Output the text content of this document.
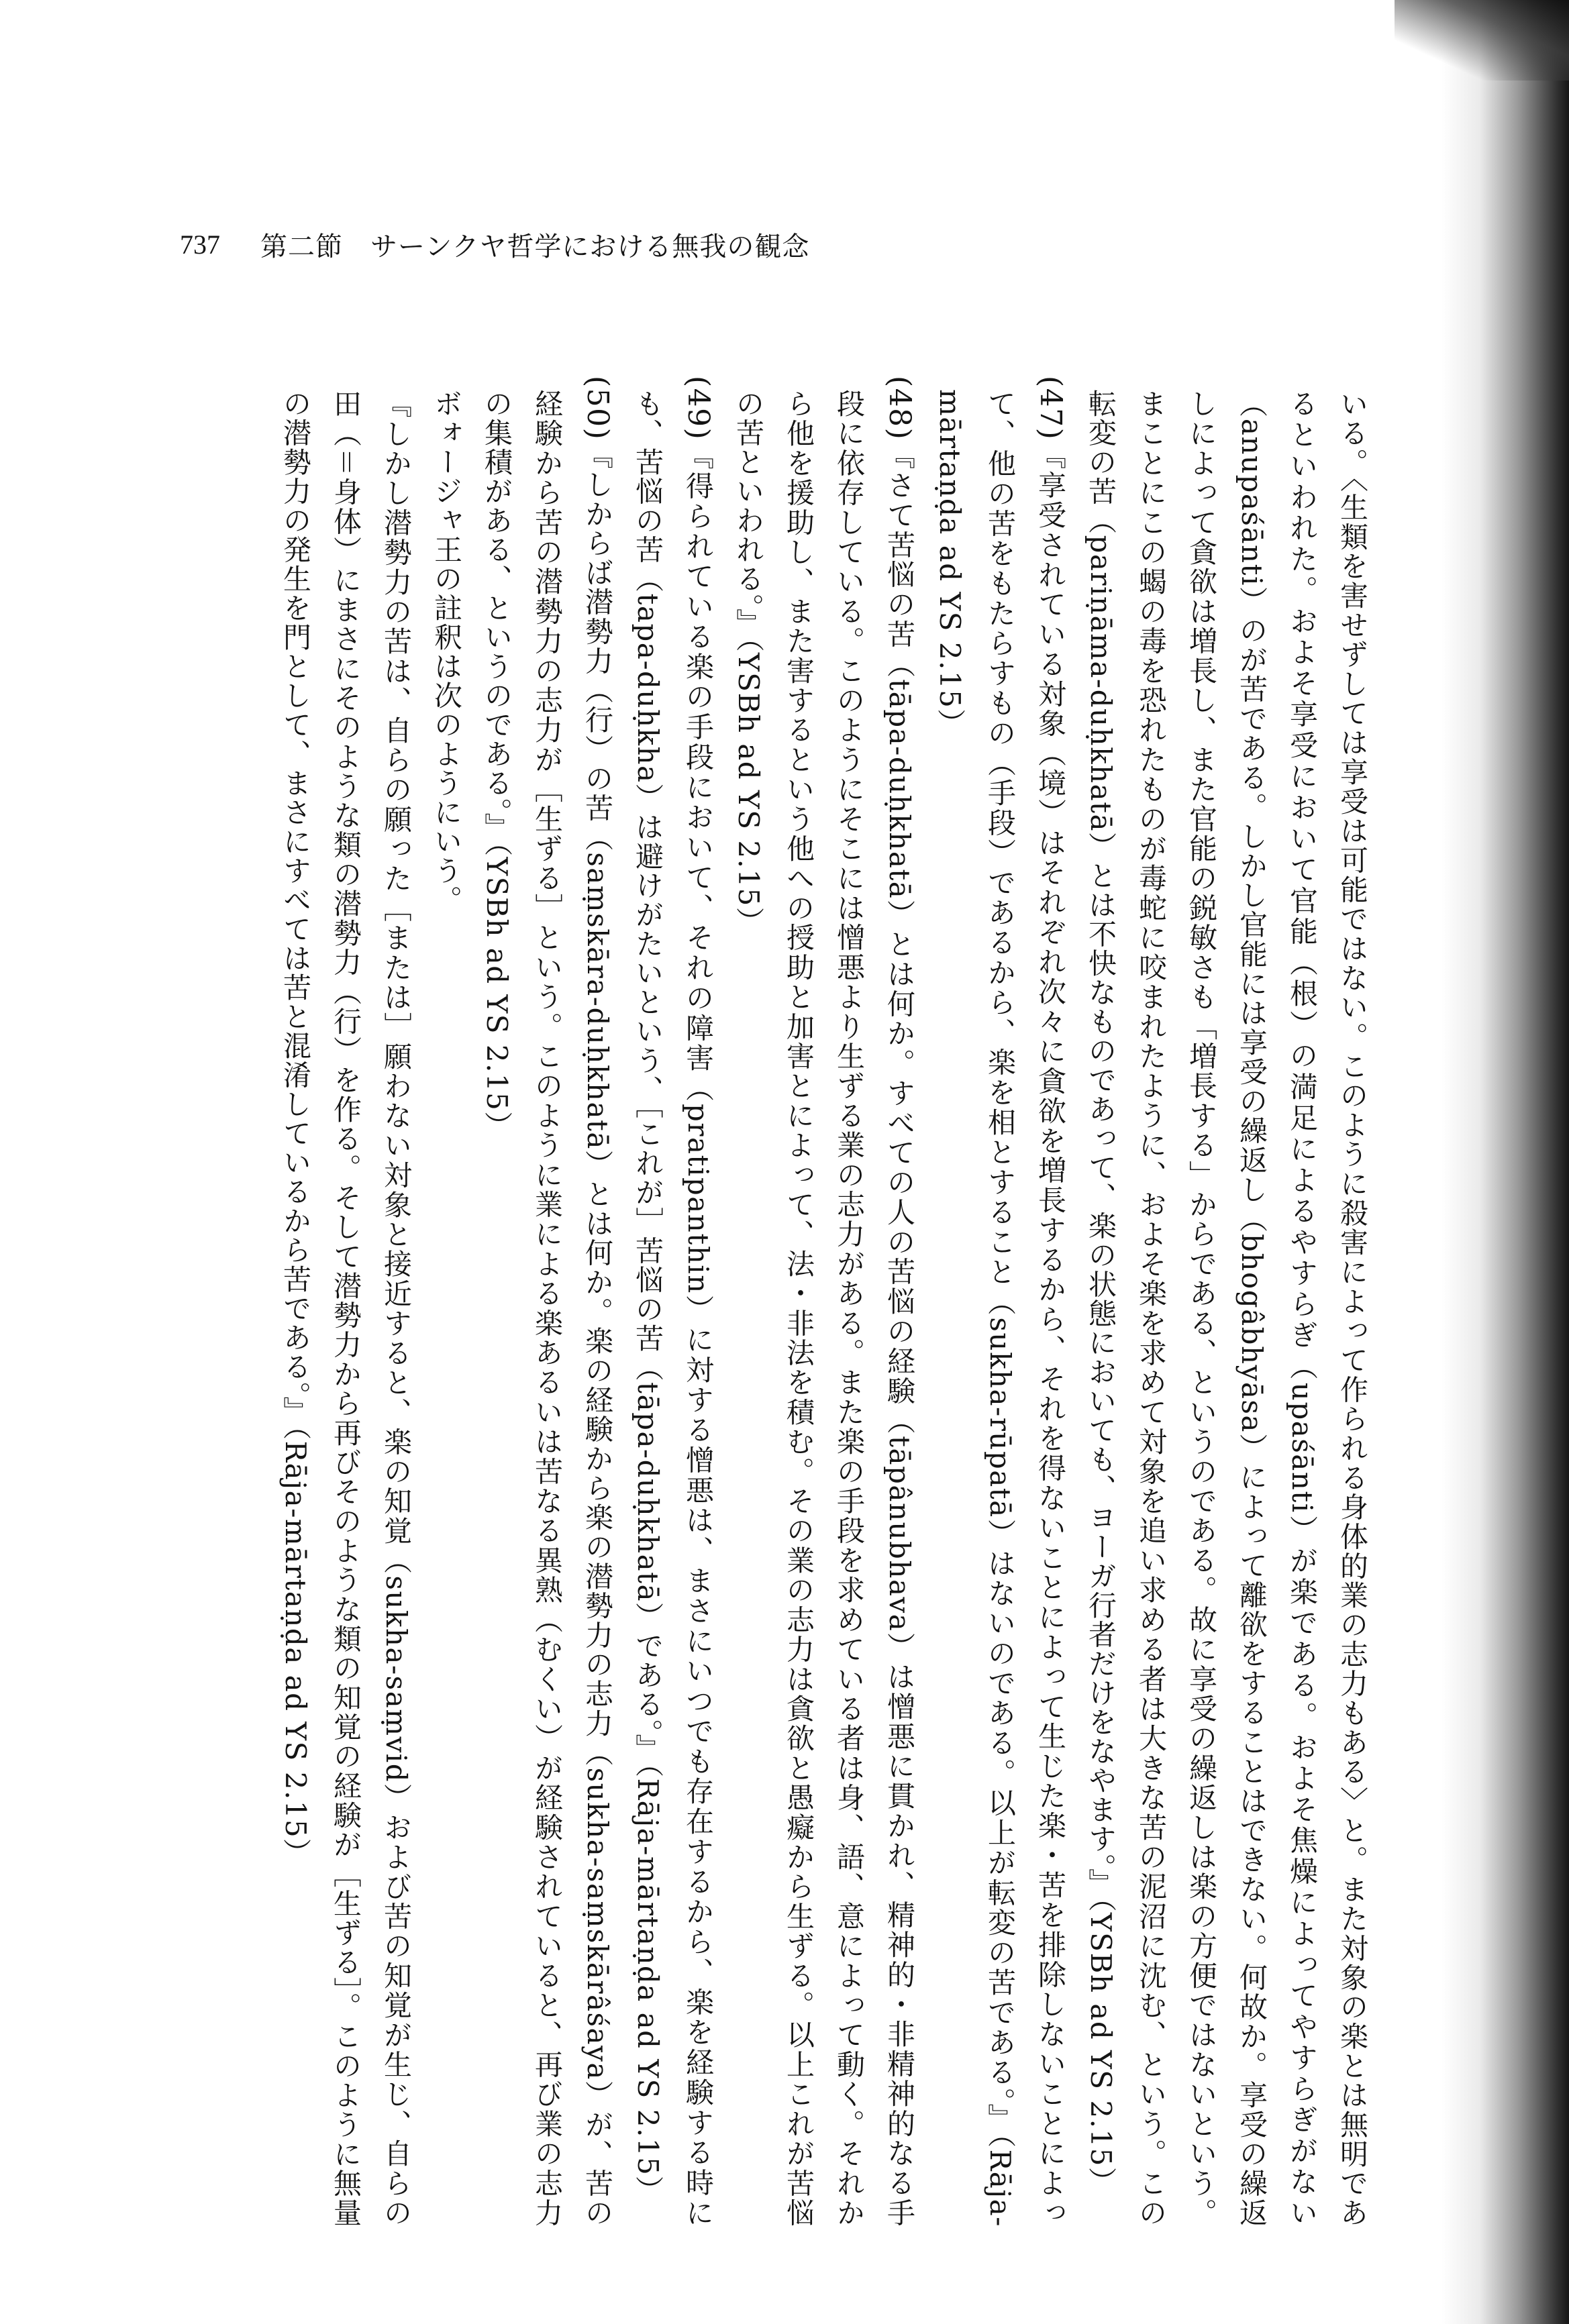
737 第二節　サーンクヤ哲学における無我の観念

いる。〈生類を害せずしては享受は可能ではない。このように殺害によって作られる身体的業の志力もある〉と。また対象の楽とは無明であるといわれた。およそ享受において官能（根）の満足によるやすらぎ（upaśānti）が楽である。およそ焦燥によってやすらぎがない（anupaśānti）のが苦である。しかし官能には享受の繰返し（bhogâbhyāsa）によって離欲をすることはできない。何故か。享受の繰返しによって貪欲は増長し、また官能の鋭敏さも「増長する」からである、というのである。故に享受の繰返しは楽の方便ではないという。まことにこの蝎の毒を恐れたものが毒蛇に咬まれたように、およそ楽を求めて対象を追い求める者は大きな苦の泥沼に沈む、という。この転変の苦（pariṇāma-duḥkhatā）とは不快なものであって、楽の状態においても、ヨーガ行者だけをなやます。』（YSBh ad YS 2.15）

(47)『享受されている対象（境）はそれぞれ次々に貪欲を増長するから、それを得ないことによって生じた楽・苦を排除しないことによって、他の苦をもたらすもの（手段）であるから、楽を相とすること（sukha-rūpatā）はないのである。以上が転変の苦である。』（Rāja-mārtaṇḍa ad YS 2.15）

(48)『さて苦悩の苦（tāpa-duḥkhatā）とは何か。すべての人の苦悩の経験（tāpânubhava）は憎悪に貫かれ、精神的・非精神的なる手段に依存している。このようにそこには憎悪より生ずる業の志力がある。また楽の手段を求めている者は身、語、意によって動く。それから他を援助し、また害するという他への授助と加害とによって、法・非法を積む。その業の志力は貪欲と愚癡から生ずる。以上これが苦悩の苦といわれる。』（YSBh ad YS 2.15）

(49)『得られている楽の手段において、それの障害（pratipanthin）に対する憎悪は、まさにいつでも存在するから、楽を経験する時にも、苦悩の苦（tapa-duḥkha）は避けがたいという、［これが］苦悩の苦（tāpa-duḥkhatā）である。』（Rāja-mārtaṇḍa ad YS 2.15）

(50)『しからば潜勢力（行）の苦（saṃskāra-duḥkhatā）とは何か。楽の経験から楽の潜勢力の志力（sukha-saṃskārâśaya）が、苦の経験から苦の潜勢力の志力が［生ずる］という。このように業による楽あるいは苦なる異熟（むくい）が経験されていると、再び業の志力の集積がある、というのである。』（YSBh ad YS 2.15）

ボォージャ王の註釈は次のようにいう。

『しかし潜勢力の苦は、自らの願った［または］願わない対象と接近すると、楽の知覚（sukha-saṃvid）および苦の知覚が生じ、自らの田（＝身体）にまさにそのような類の潜勢力（行）を作る。そして潜勢力から再びそのような類の知覚の経験が［生ずる］。このように無量の潜勢力の発生を門として、まさにすべては苦と混淆しているから苦である。』（Rāja-mārtaṇḍa ad YS 2.15）
